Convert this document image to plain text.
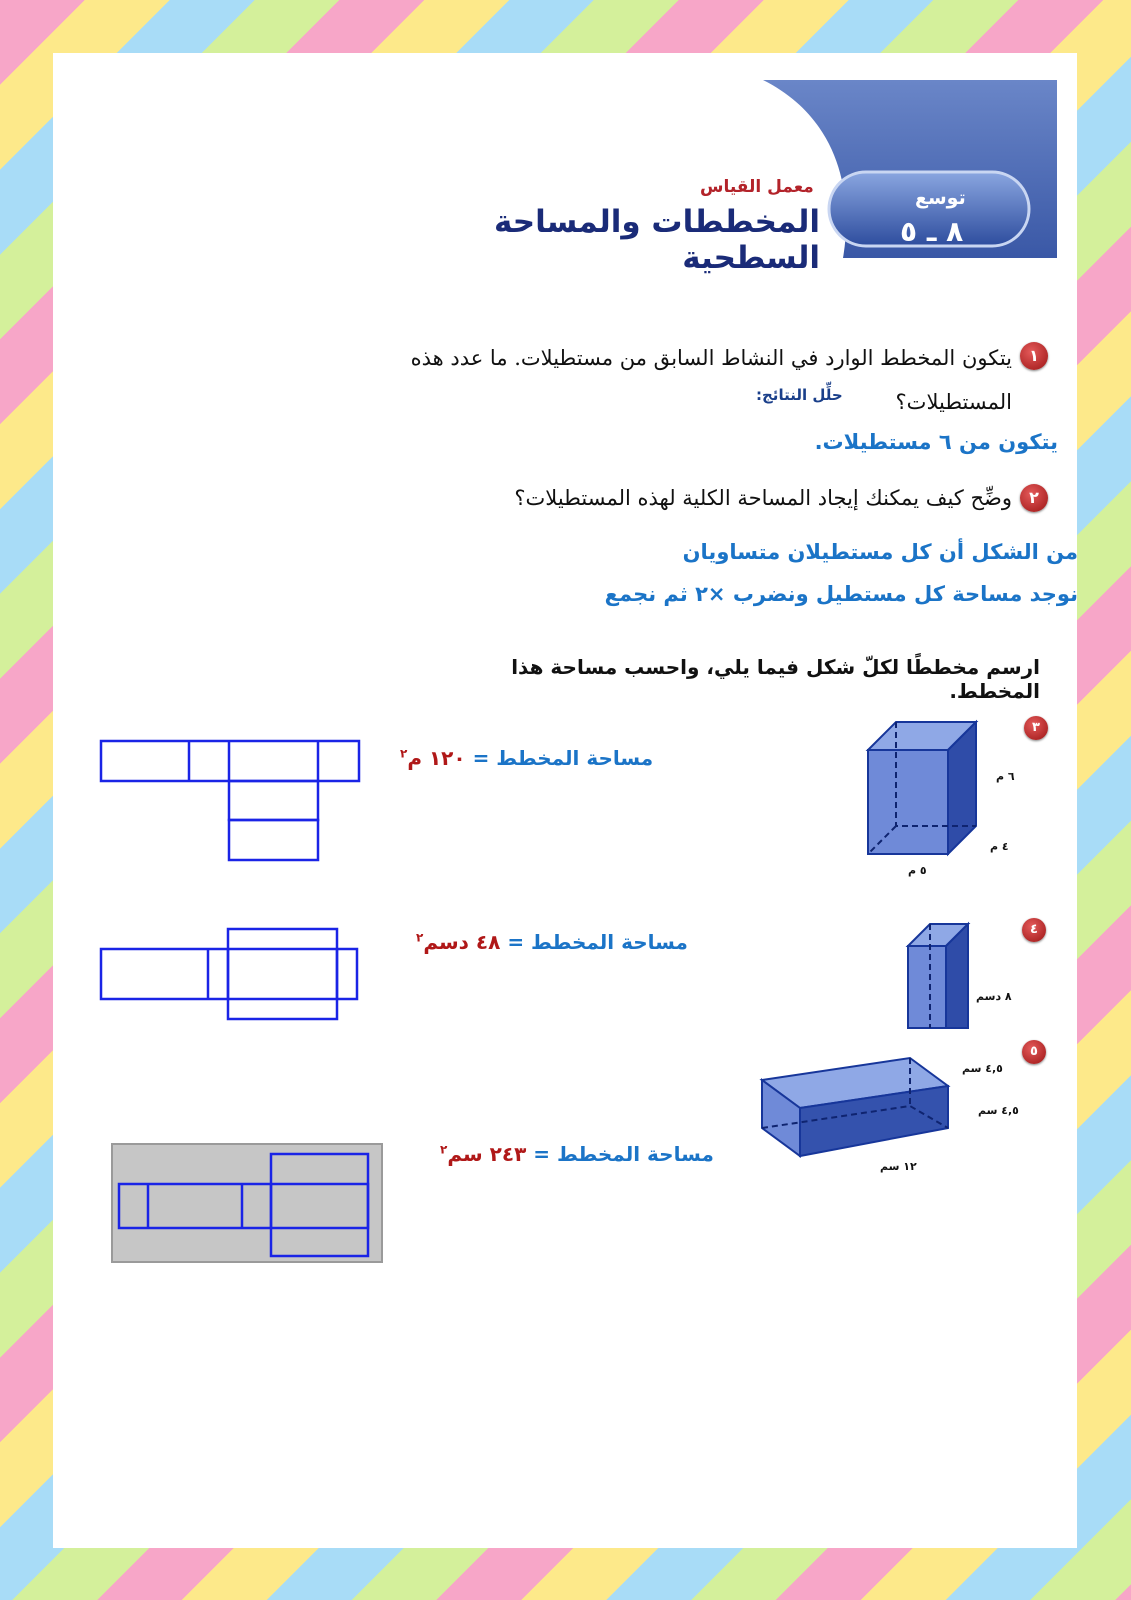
توسع
٨ ـ ٥
معمل القياس
المخططات والمساحة السطحية
١
يتكون المخطط الوارد في النشاط السابق من مستطيلات. ما عدد هذه المستطيلات؟
حلِّل النتائج:
يتكون من ٦ مستطيلات.
٢
وضِّح كيف يمكنك إيجاد المساحة الكلية لهذه المستطيلات؟
من الشكل أن كل مستطيلان متساويان
نوجد مساحة كل مستطيل ونضرب ×٢ ثم نجمع
ارسم مخططًا لكلّ شكل فيما يلي، واحسب مساحة هذا المخطط.
٣
٦ م
٤ م
٥ م
مساحة المخطط = ١٢٠ م$^٢$
٤
٨ دسم
مساحة المخطط = ٤٨ دسم$^٢$
٥
٤,٥ سم
٤,٥ سم
١٢ سم
مساحة المخطط = ٢٤٣ سم$^٢$
